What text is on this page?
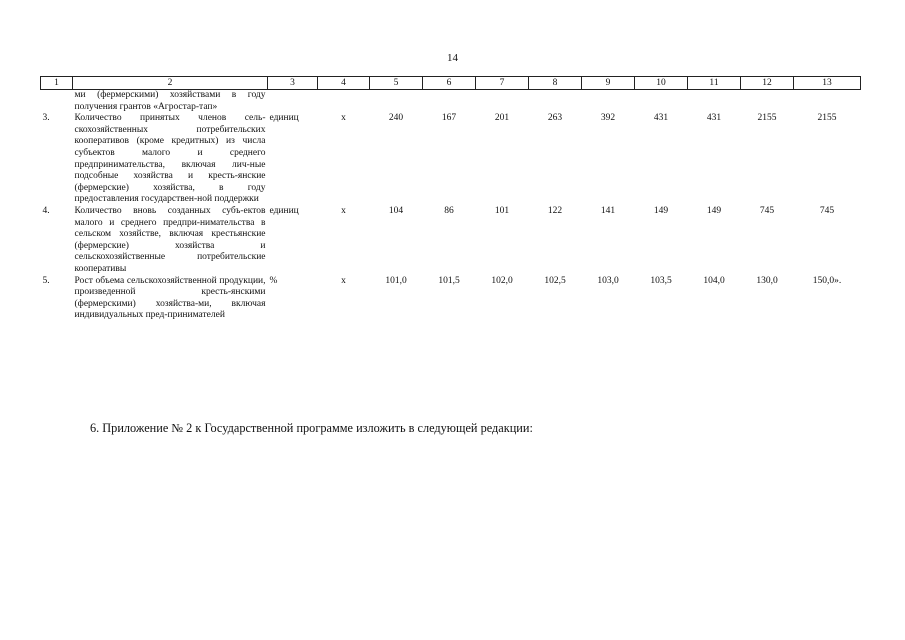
14
1	2	3	4	5	6	7	8	9	10	11	12	13
	ми (фермерскими) хозяйствами в году получения грантов «Агростар-тап»											
3.	Количество принятых членов сель-скохозяйственных потребительских кооперативов (кроме кредитных) из числа субъектов малого и среднего предпринимательства, включая лич-ные подсобные хозяйства и кресть-янские (фермерские) хозяйства, в году предоставления государствен-ной поддержки	единиц	х	240	167	201	263	392	431	431	2155	2155
4.	Количество вновь созданных субъ-ектов малого и среднего предпри-нимательства в сельском хозяйстве, включая крестьянские (фермерские) хозяйства и сельскохозяйственные потребительские кооперативы	единиц	х	104	86	101	122	141	149	149	745	745
5.	Рост объема сельскохозяйственной продукции, произведенной кресть-янскими (фермерскими) хозяйства-ми, включая индивидуальных пред-принимателей	%	х	101,0	101,5	102,0	102,5	103,0	103,5	104,0	130,0	150,0».
6. Приложение № 2 к Государственной программе изложить в следующей редакции:
